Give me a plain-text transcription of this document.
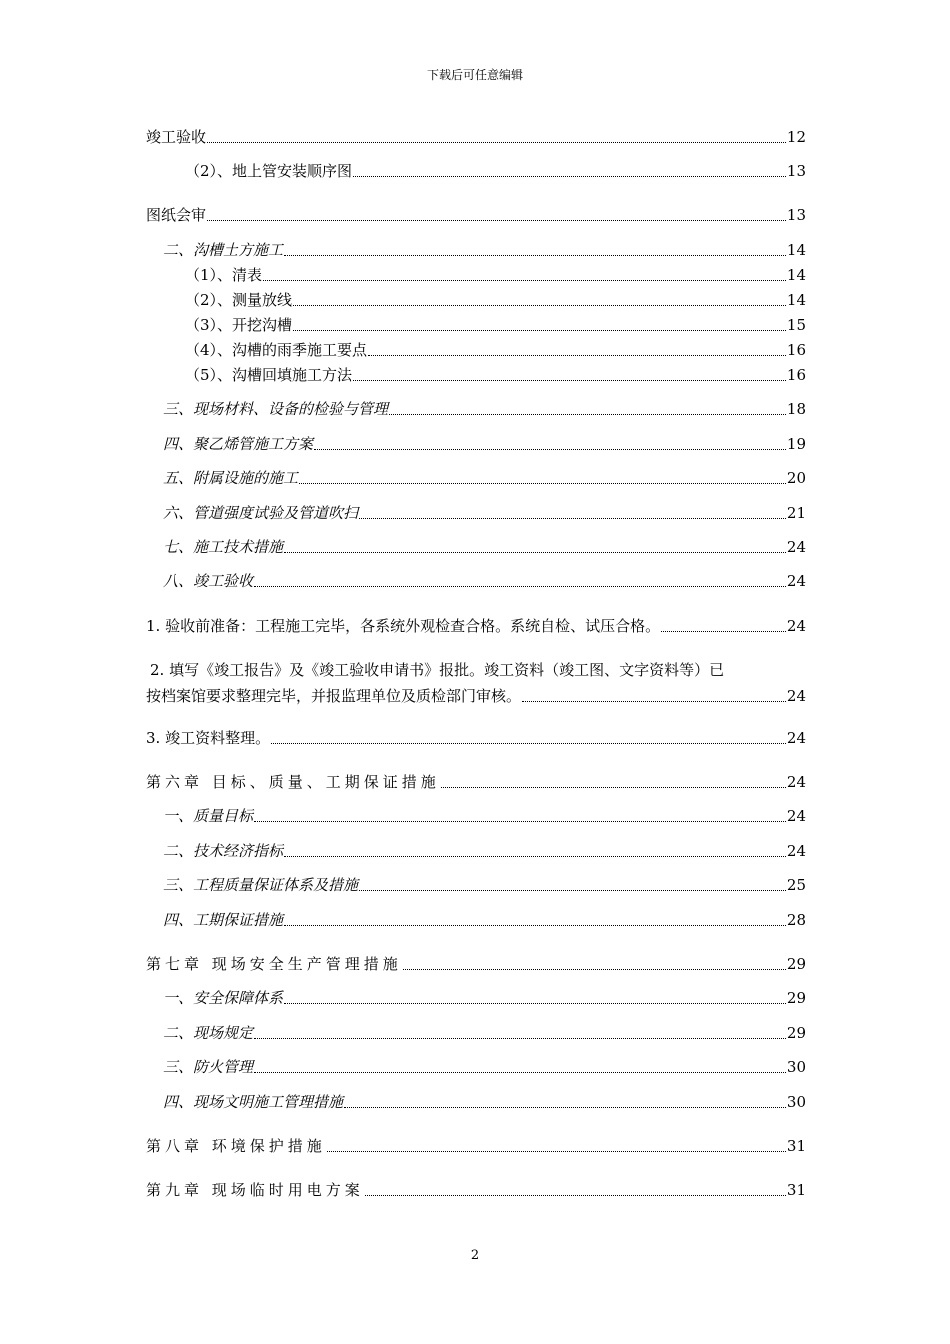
下载后可任意编辑
竣工验收	12
（2）、地上管安装顺序图	13
图纸会审	13
二、沟槽土方施工	14
（1）、清表	14
（2）、测量放线	14
（3）、开挖沟槽	15
（4）、沟槽的雨季施工要点	16
（5）、沟槽回填施工方法	16
三、现场材料、设备的检验与管理	18
四、聚乙烯管施工方案	19
五、附属设施的施工	20
六、管道强度试验及管道吹扫	21
七、施工技术措施	24
八、竣工验收	24
1. 验收前准备：工程施工完毕，各系统外观检查合格。系统自检、试压合格。	24
2. 填写《竣工报告》及《竣工验收申请书》报批。竣工资料（竣工图、文字资料等）已
按档案馆要求整理完毕，并报监理单位及质检部门审核。	24
3. 竣工资料整理。	24
第六章 目标、质量、工期保证措施	24
一、质量目标	24
二、技术经济指标	24
三、工程质量保证体系及措施	25
四、工期保证措施	28
第七章 现场安全生产管理措施	29
一、安全保障体系	29
二、现场规定	29
三、防火管理	30
四、现场文明施工管理措施	30
第八章 环境保护措施	31
第九章 现场临时用电方案	31
2
